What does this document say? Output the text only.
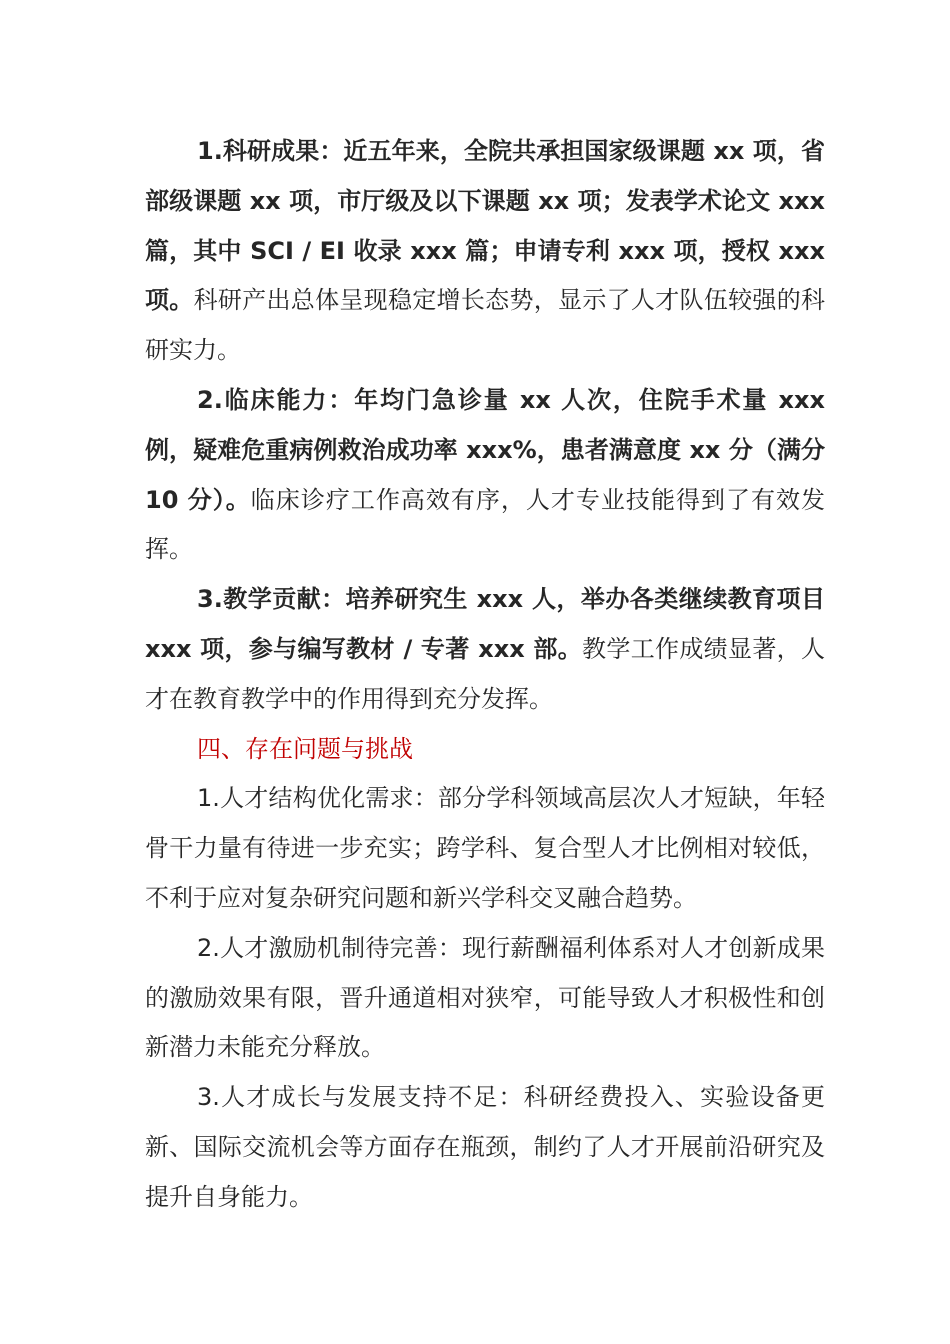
1.科研成果：近五年来，全院共承担国家级课题 xx 项，省部级课题 xx 项，市厅级及以下课题 xx 项；发表学术论文 xxx 篇，其中 SCI / EI 收录 xxx 篇；申请专利 xxx 项，授权 xxx 项。科研产出总体呈现稳定增长态势，显示了人才队伍较强的科研实力。

2.临床能力：年均门急诊量 xx 人次，住院手术量 xxx 例，疑难危重病例救治成功率 xxx%，患者满意度 xx 分（满分 10 分）。临床诊疗工作高效有序，人才专业技能得到了有效发挥。

3.教学贡献：培养研究生 xxx 人，举办各类继续教育项目 xxx 项，参与编写教材 / 专著 xxx 部。教学工作成绩显著，人才在教育教学中的作用得到充分发挥。

四、存在问题与挑战

1.人才结构优化需求：部分学科领域高层次人才短缺，年轻骨干力量有待进一步充实；跨学科、复合型人才比例相对较低，不利于应对复杂研究问题和新兴学科交叉融合趋势。

2.人才激励机制待完善：现行薪酬福利体系对人才创新成果的激励效果有限，晋升通道相对狭窄，可能导致人才积极性和创新潜力未能充分释放。

3.人才成长与发展支持不足：科研经费投入、实验设备更新、国际交流机会等方面存在瓶颈，制约了人才开展前沿研究及提升自身能力。
